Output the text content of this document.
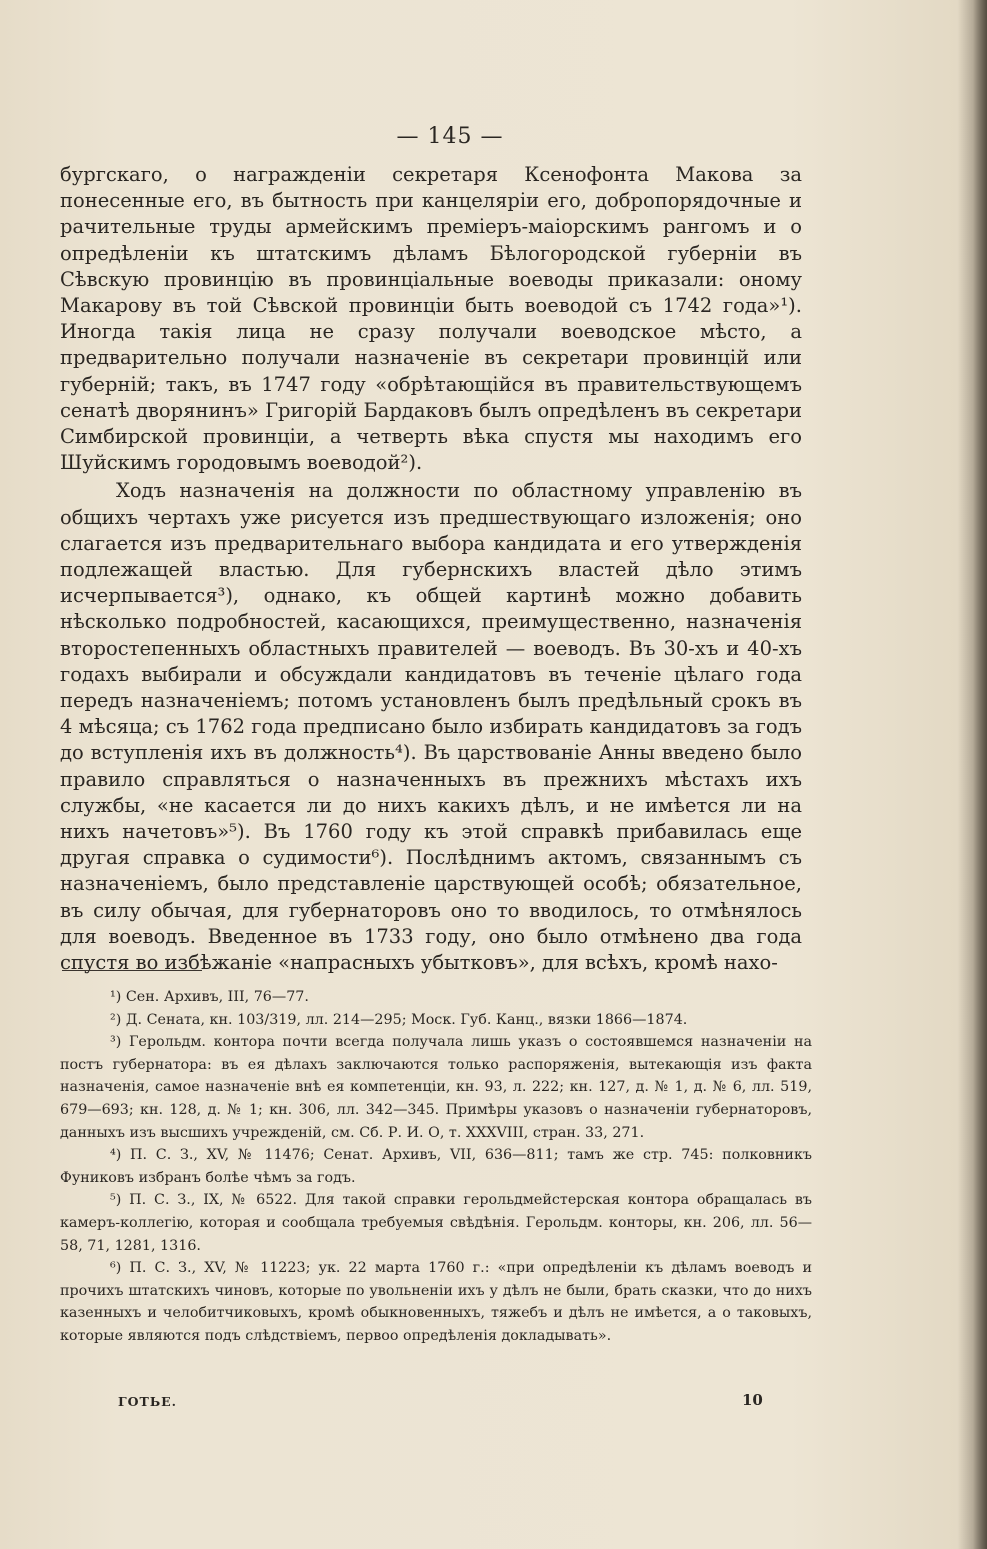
— 145 —

бургскаго, о награжденіи секретаря Ксенофонта Макова за понесенные его, въ бытность при канцеляріи его, добропорядочные и рачительные труды армейскимъ преміеръ-маіорскимъ рангомъ и о опредѣленіи къ штатскимъ дѣламъ Бѣлогородской губерніи въ Сѣвскую провинцію въ провинціальные воеводы приказали: оному Макарову въ той Сѣвской провинціи быть воеводой съ 1742 года»¹). Иногда такія лица не сразу получали воеводское мѣсто, а предварительно получали назначеніе въ секретари провинцій или губерній; такъ, въ 1747 году «обрѣтающійся въ правительствующемъ сенатѣ дворянинъ» Григорій Бардаковъ былъ опредѣленъ въ секретари Симбирской провинціи, а четверть вѣка спустя мы находимъ его Шуйскимъ городовымъ воеводой²).

Ходъ назначенія на должности по областному управленію въ общихъ чертахъ уже рисуется изъ предшествующаго изложенія; оно слагается изъ предварительнаго выбора кандидата и его утвержденія подлежащей властью. Для губернскихъ властей дѣло этимъ исчерпывается³), однако, къ общей картинѣ можно добавить нѣсколько подробностей, касающихся, преимущественно, назначенія второстепенныхъ областныхъ правителей — воеводъ. Въ 30-хъ и 40-хъ годахъ выбирали и обсуждали кандидатовъ въ теченіе цѣлаго года передъ назначеніемъ; потомъ установленъ былъ предѣльный срокъ въ 4 мѣсяца; съ 1762 года предписано было избирать кандидатовъ за годъ до вступленія ихъ въ должность⁴). Въ царствованіе Анны введено было правило справляться о назначенныхъ въ прежнихъ мѣстахъ ихъ службы, «не касается ли до нихъ какихъ дѣлъ, и не имѣется ли на нихъ начетовъ»⁵). Въ 1760 году къ этой справкѣ прибавилась еще другая справка о судимости⁶). Послѣднимъ актомъ, связаннымъ съ назначеніемъ, было представленіе царствующей особѣ; обязательное, въ силу обычая, для губернаторовъ оно то вводилось, то отмѣнялось для воеводъ. Введенное въ 1733 году, оно было отмѣнено два года спустя во избѣжаніе «напрасныхъ убытковъ», для всѣхъ, кромѣ нахо-

¹) Сен. Архивъ, III, 76—77.

²) Д. Сената, кн. 103/319, лл. 214—295; Моск. Губ. Канц., вязки 1866—1874.

³) Герольдм. контора почти всегда получала лишь указъ о состоявшемся назначеніи на постъ губернатора: въ ея дѣлахъ заключаются только распоряженія, вытекающія изъ факта назначенія, самое назначеніе внѣ ея компетенціи, кн. 93, л. 222; кн. 127, д. № 1, д. № 6, лл. 519, 679—693; кн. 128, д. № 1; кн. 306, лл. 342—345. Примѣры указовъ о назначеніи губернаторовъ, данныхъ изъ высшихъ учрежденій, см. Сб. Р. И. О, т. XXXVIII, стран. 33, 271.

⁴) П. С. З., XV, № 11476; Сенат. Архивъ, VII, 636—811; тамъ же стр. 745: полковникъ Фуниковъ избранъ болѣе чѣмъ за годъ.

⁵) П. С. З., IX, № 6522. Для такой справки герольдмейстерская контора обращалась въ камеръ-коллегію, которая и сообщала требуемыя свѣдѣнія. Герольдм. конторы, кн. 206, лл. 56—58, 71, 1281, 1316.

⁶) П. С. З., XV, № 11223; ук. 22 марта 1760 г.: «при опредѣленіи къ дѣламъ воеводъ и прочихъ штатскихъ чиновъ, которые по увольненіи ихъ у дѣлъ не были, брать сказки, что до нихъ казенныхъ и челобитчиковыхъ, кромѣ обыкновенныхъ, тяжебъ и дѣлъ не имѣется, а о таковыхъ, которые являются подъ слѣдствіемъ, первоо опредѣленія докладывать».

ГОТЬЕ.	10
